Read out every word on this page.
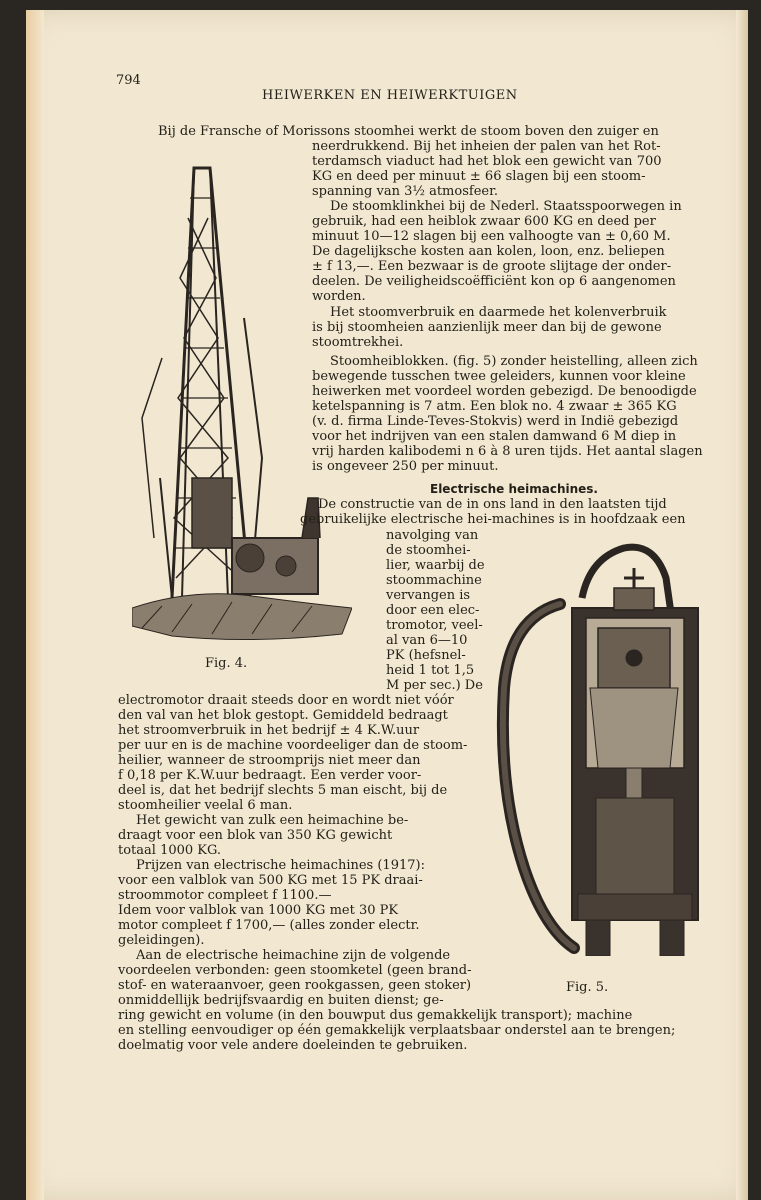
794
HEIWERKEN EN HEIWERKTUIGEN
Fig. 4.
Fig. 5.
Electrische heimachines.
Bij de Fransche of Morissons stoomhei werkt de stoom boven den zuiger en
neerdrukkend. Bij het inheien der palen van het Rot-
terdamsch viaduct had het blok een gewicht van 700
KG en deed per minuut ± 66 slagen bij een stoom-
spanning van 3½ atmosfeer.
De stoomklinkhei bij de Nederl. Staatsspoorwegen in
gebruik, had een heiblok zwaar 600 KG en deed per
minuut 10—12 slagen bij een valhoogte van ± 0,60 M.
De dagelijksche kosten aan kolen, loon, enz. beliepen
± f 13,—. Een bezwaar is de groote slijtage der onder-
deelen. De veiligheidscoëfficiënt kon op 6 aangenomen
worden.
Het stoomverbruik en daarmede het kolenverbruik
is bij stoomheien aanzienlijk meer dan bij de gewone
stoomtrekhei.
Stoomheiblokken. (fig. 5) zonder heistelling, alleen zich
bewegende tusschen twee geleiders, kunnen voor kleine
heiwerken met voordeel worden gebezigd. De benoodigde
ketelspanning is 7 atm. Een blok no. 4 zwaar ± 365 KG
(v. d. firma Linde-Teves-Stokvis) werd in Indië gebezigd
voor het indrijven van een stalen damwand 6 M diep in
vrij harden kalibodemi n 6 à 8 uren tijds. Het aantal slagen
is ongeveer 250 per minuut.
De constructie van de in ons land in den laatsten tijd
gebruikelijke electrische hei-machines is in hoofdzaak een
navolging van
de stoomhei-
lier, waarbij de
stoommachine
vervangen is
door een elec-
tromotor, veel-
al van 6—10
PK (hefsnel-
heid 1 tot 1,5
M per sec.) De
electromotor draait steeds door en wordt niet vóór
den val van het blok gestopt. Gemiddeld bedraagt
het stroomverbruik in het bedrijf ± 4 K.W.uur
per uur en is de machine voordeeliger dan de stoom-
heilier, wanneer de stroomprijs niet meer dan
f 0,18 per K.W.uur bedraagt. Een verder voor-
deel is, dat het bedrijf slechts 5 man eischt, bij de
stoomheilier veelal 6 man.
Het gewicht van zulk een heimachine be-
draagt voor een blok van 350 KG gewicht
totaal 1000 KG.
Prijzen van electrische heimachines (1917):
voor een valblok van 500 KG met 15 PK draai-
stroommotor compleet f 1100.—
Idem voor valblok van 1000 KG met 30 PK
motor compleet f 1700,— (alles zonder electr.
geleidingen).
Aan de electrische heimachine zijn de volgende
voordeelen verbonden: geen stoomketel (geen brand-
stof- en wateraanvoer, geen rookgassen, geen stoker)
onmiddellijk bedrijfsvaardig en buiten dienst; ge-
ring gewicht en volume (in den bouwput dus gemakkelijk transport); machine
en stelling eenvoudiger op één gemakkelijk verplaatsbaar onderstel aan te brengen;
doelmatig voor vele andere doeleinden te gebruiken.
